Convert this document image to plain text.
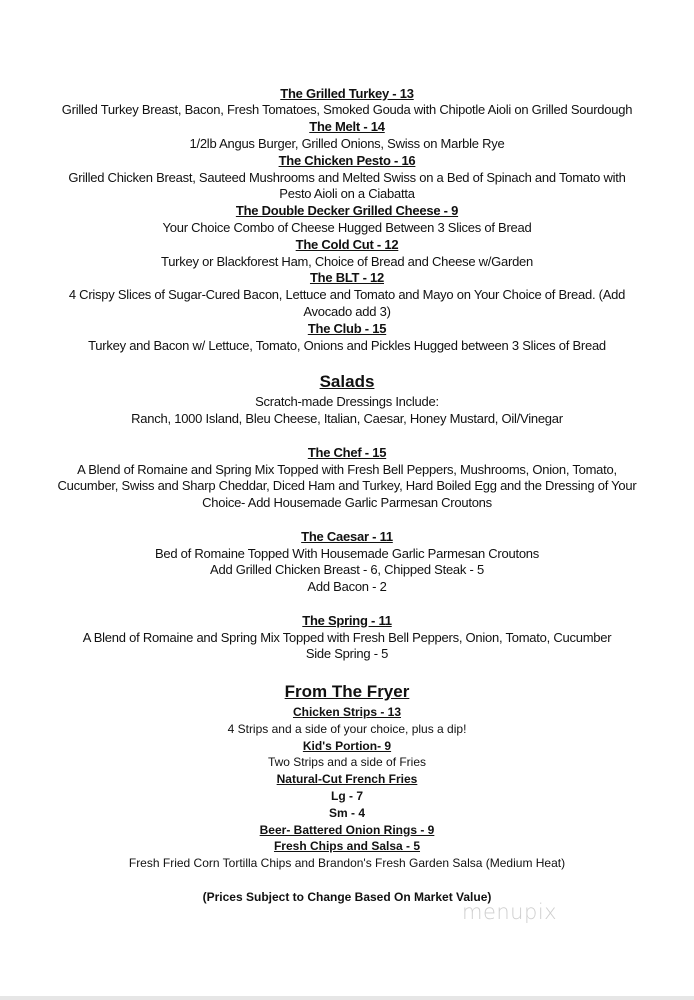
The Grilled Turkey - 13
Grilled Turkey Breast, Bacon, Fresh Tomatoes, Smoked Gouda with Chipotle Aioli on Grilled Sourdough
The Melt - 14
1/2lb Angus Burger, Grilled Onions, Swiss on Marble Rye
The Chicken Pesto - 16
Grilled Chicken Breast, Sauteed Mushrooms and Melted Swiss on a Bed of Spinach and Tomato with
Pesto Aioli on a Ciabatta
The Double Decker Grilled Cheese - 9
Your Choice Combo of Cheese Hugged Between 3 Slices of Bread
The Cold Cut - 12
Turkey or Blackforest Ham, Choice of Bread and Cheese w/Garden
The BLT - 12
4 Crispy Slices of Sugar-Cured Bacon, Lettuce and Tomato and Mayo on Your Choice of Bread. (Add
Avocado add 3)
The Club - 15
Turkey and Bacon w/ Lettuce, Tomato, Onions and Pickles Hugged between 3 Slices of Bread
Salads
Scratch-made Dressings Include:
Ranch, 1000 Island, Bleu Cheese, Italian, Caesar, Honey Mustard, Oil/Vinegar
The Chef - 15
A Blend of Romaine and Spring Mix Topped with Fresh Bell Peppers, Mushrooms, Onion, Tomato,
Cucumber, Swiss and Sharp Cheddar, Diced Ham and Turkey, Hard Boiled Egg and the Dressing of Your
Choice- Add Housemade Garlic Parmesan Croutons
The Caesar - 11
Bed of Romaine Topped With Housemade Garlic Parmesan Croutons
Add Grilled Chicken Breast - 6, Chipped Steak - 5
Add Bacon - 2
The Spring - 11
A Blend of Romaine and Spring Mix Topped with Fresh Bell Peppers, Onion, Tomato, Cucumber
Side Spring - 5
From The Fryer
Chicken Strips - 13
4 Strips and a side of your choice, plus a dip!
Kid's Portion- 9
Two Strips and a side of Fries
Natural-Cut French Fries
Lg - 7
Sm - 4
Beer- Battered Onion Rings - 9
Fresh Chips and Salsa - 5
Fresh Fried Corn Tortilla Chips and Brandon's Fresh Garden Salsa (Medium Heat)
(Prices Subject to Change Based On Market Value)
menupix
